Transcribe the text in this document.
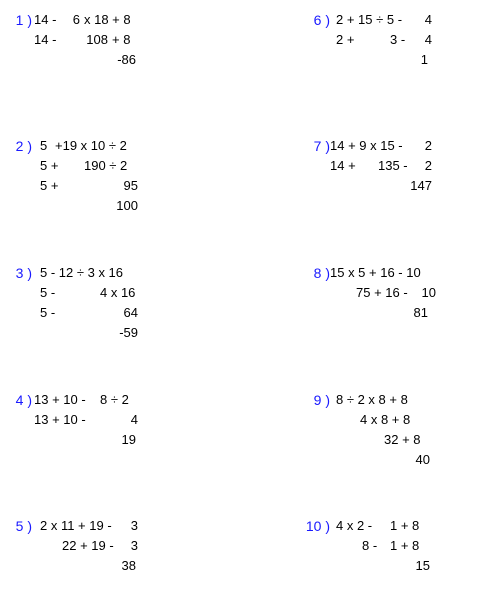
1 )

14 -

	6

x 18 + 8

14 -

	108

+ 8

-86

2 )

5

+19 x 10 ÷ 2

5 +

	190 ÷ 2

5 +

	95

100

3 )

5 - 12 ÷ 3 x 16

5 -

	4 x 16

5 -

	64

-59

4 )

13 + 10 -

	8 ÷ 2

13 + 10 -

	4

19

5 )

2 x 11 + 19 -

	3

22 + 19 -

	3

38

6 )

2 + 15 ÷ 5 -

	4

2 +

	3 -

	4

1

7 )

14 + 9 x 15 -

	2

14 +

	135 -

	2

147

8 )

15 x 5 + 16 - 10

75 + 16 -

	10

81

9 )

8 ÷ 2 x 8 + 8

4 x 8 + 8

32 + 8

40

10 )

4 x 2 -

	1 + 8

8 -

1 + 8

15
